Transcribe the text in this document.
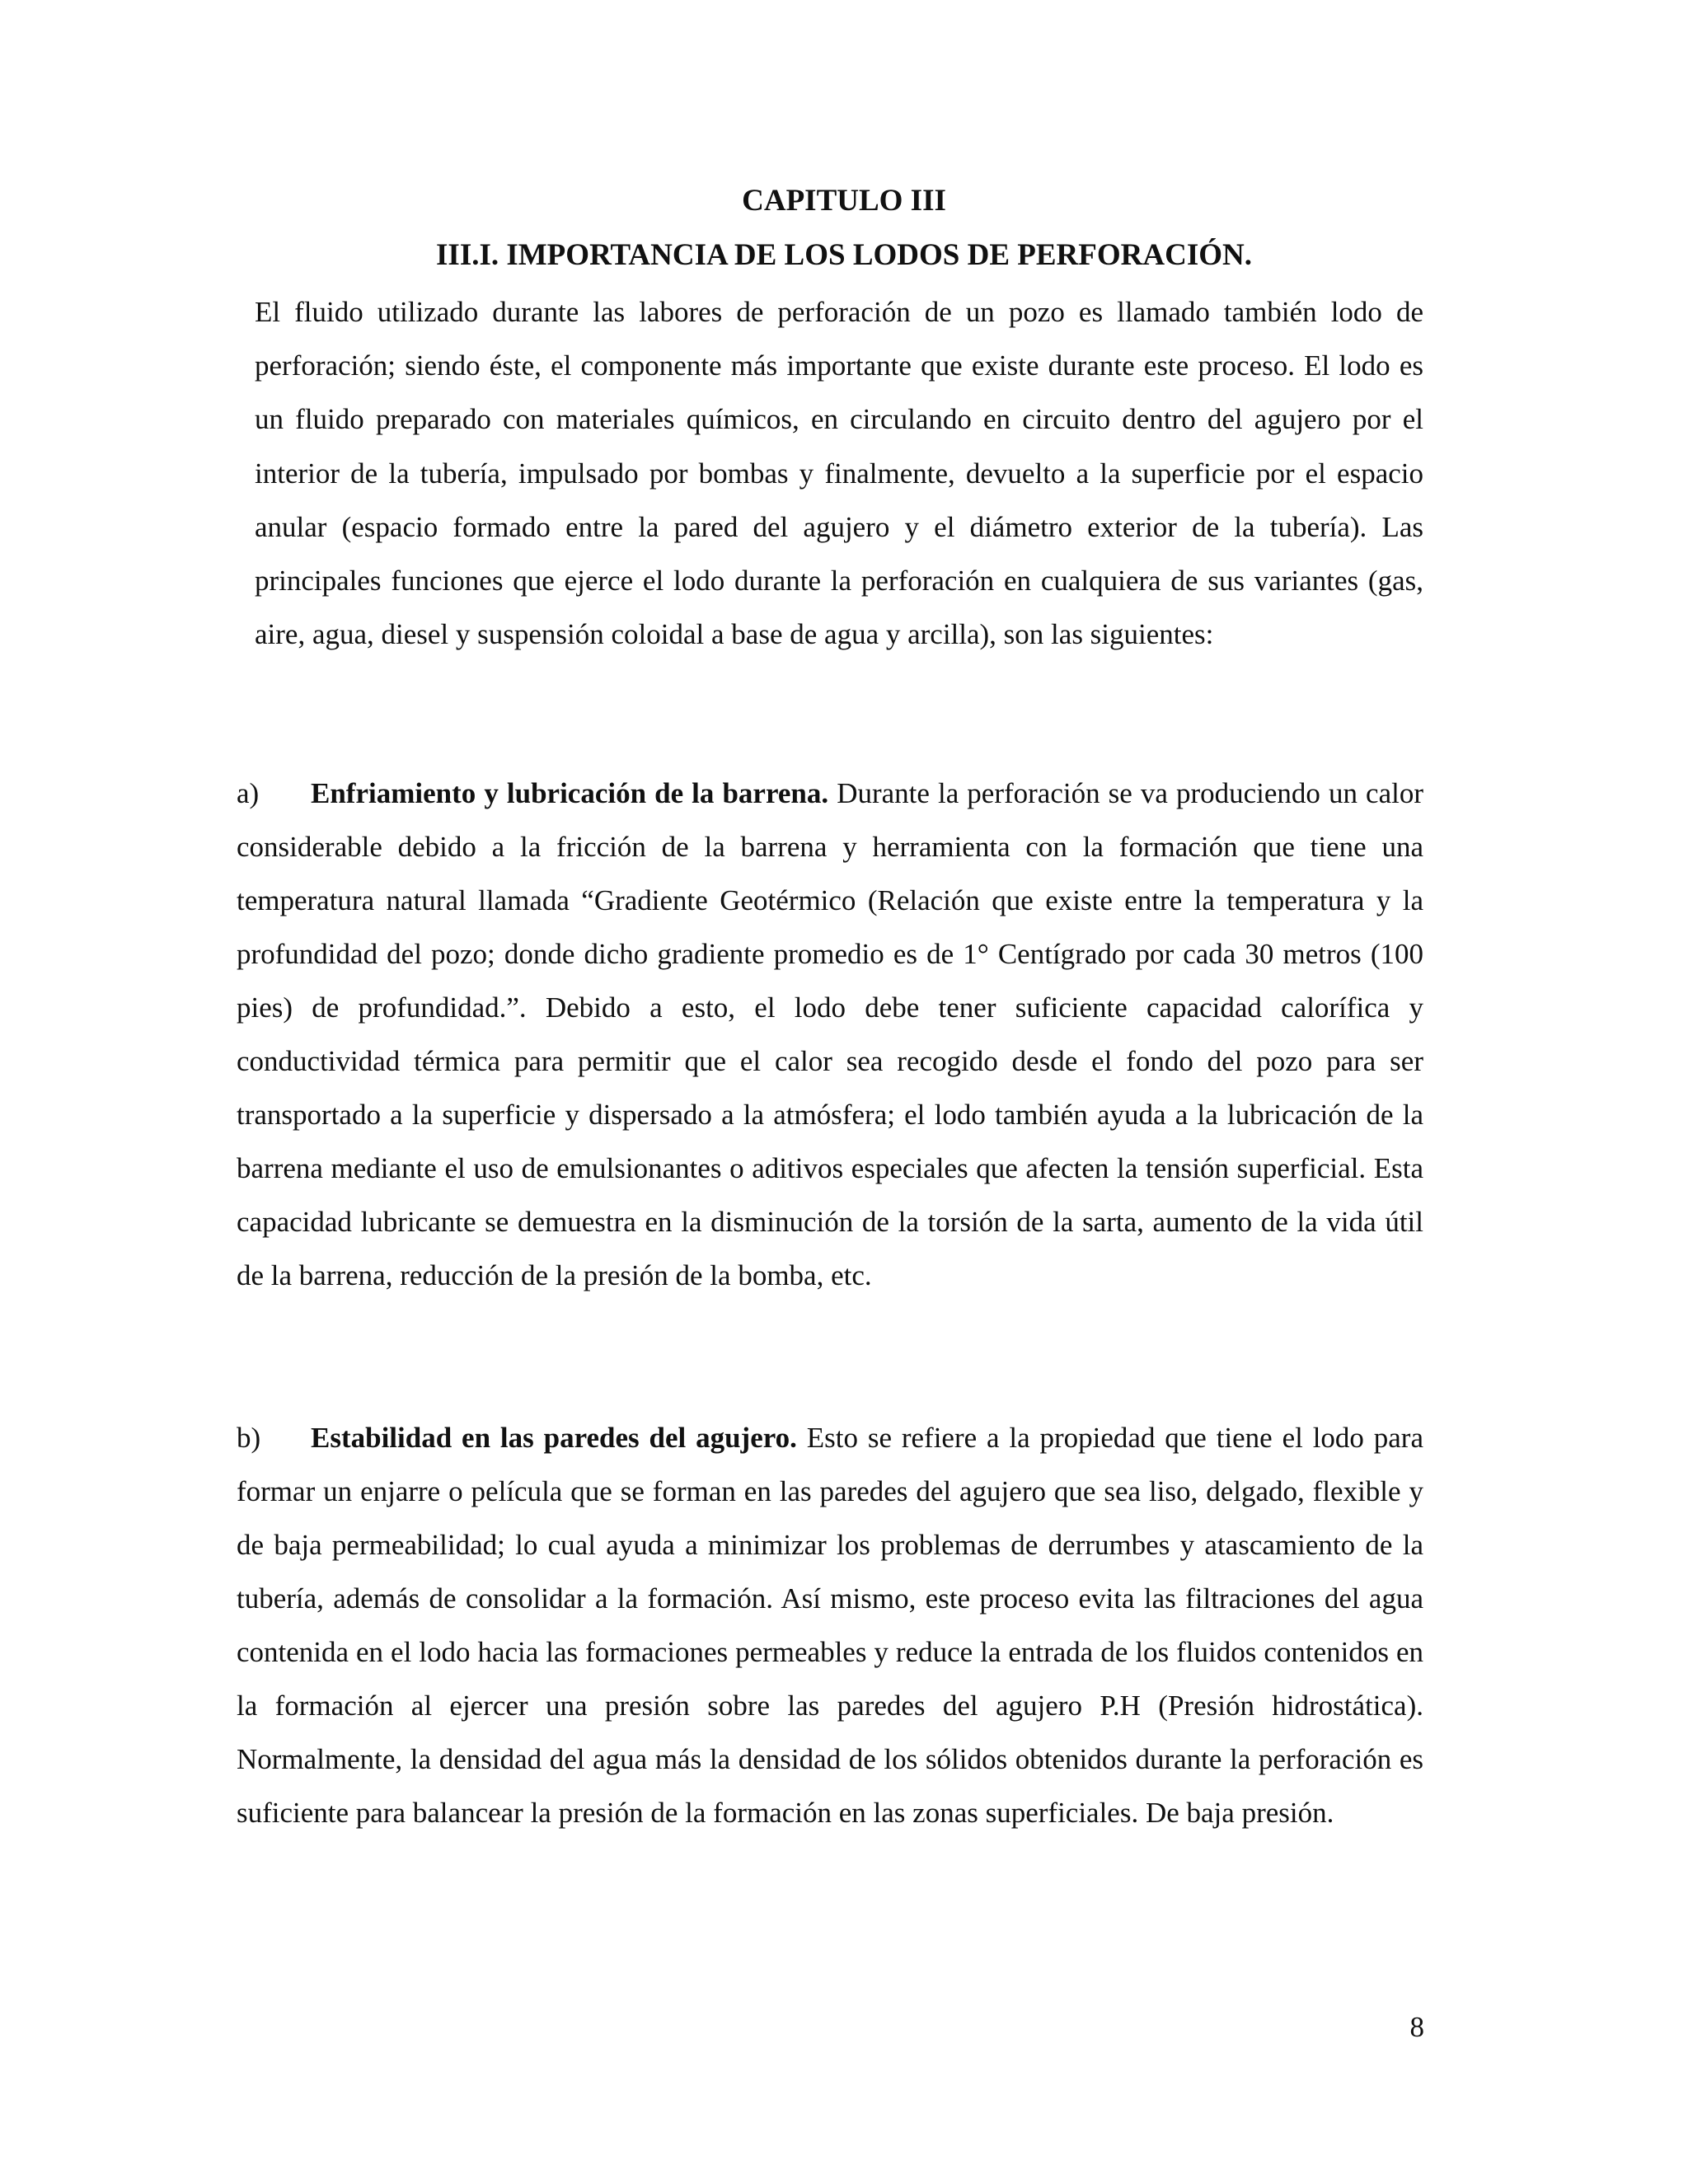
CAPITULO III
III.I. IMPORTANCIA DE LOS LODOS DE PERFORACIÓN.

El fluido utilizado durante las labores de perforación de un pozo es llamado también lodo de perforación; siendo éste, el componente más importante que existe durante este proceso. El lodo es un fluido preparado con materiales químicos, en circulando en circuito dentro del agujero por el interior de la tubería, impulsado por bombas y finalmente, devuelto a la superficie por el espacio anular (espacio formado entre la pared del agujero y el diámetro exterior de la tubería). Las principales funciones que ejerce el lodo durante la perforación en cualquiera de sus variantes (gas, aire, agua, diesel y suspensión coloidal a base de agua y arcilla), son las siguientes:

a) Enfriamiento y lubricación de la barrena. Durante la perforación se va produciendo un calor considerable debido a la fricción de la barrena y herramienta con la formación que tiene una temperatura natural llamada “Gradiente Geotérmico (Relación que existe entre la temperatura y la profundidad del pozo; donde dicho gradiente promedio es de 1° Centígrado por cada 30 metros (100 pies) de profundidad.”. Debido a esto, el lodo debe tener suficiente capacidad calorífica y conductividad térmica para permitir que el calor sea recogido desde el fondo del pozo para ser transportado a la superficie y dispersado a la atmósfera; el lodo también ayuda a la lubricación de la barrena mediante el uso de emulsionantes o aditivos especiales que afecten la tensión superficial. Esta capacidad lubricante se demuestra en la disminución de la torsión de la sarta, aumento de la vida útil de la barrena, reducción de la presión de la bomba, etc.

b) Estabilidad en las paredes del agujero. Esto se refiere a la propiedad que tiene el lodo para formar un enjarre o película que se forman en las paredes del agujero que sea liso, delgado, flexible y de baja permeabilidad; lo cual ayuda a minimizar los problemas de derrumbes y atascamiento de la tubería, además de consolidar a la formación. Así mismo, este proceso evita las filtraciones del agua contenida en el lodo hacia las formaciones permeables y reduce la entrada de los fluidos contenidos en la formación al ejercer una presión sobre las paredes del agujero P.H (Presión hidrostática). Normalmente, la densidad del agua más la densidad de los sólidos obtenidos durante la perforación es suficiente para balancear la presión de la formación en las zonas superficiales. De baja presión.

8
